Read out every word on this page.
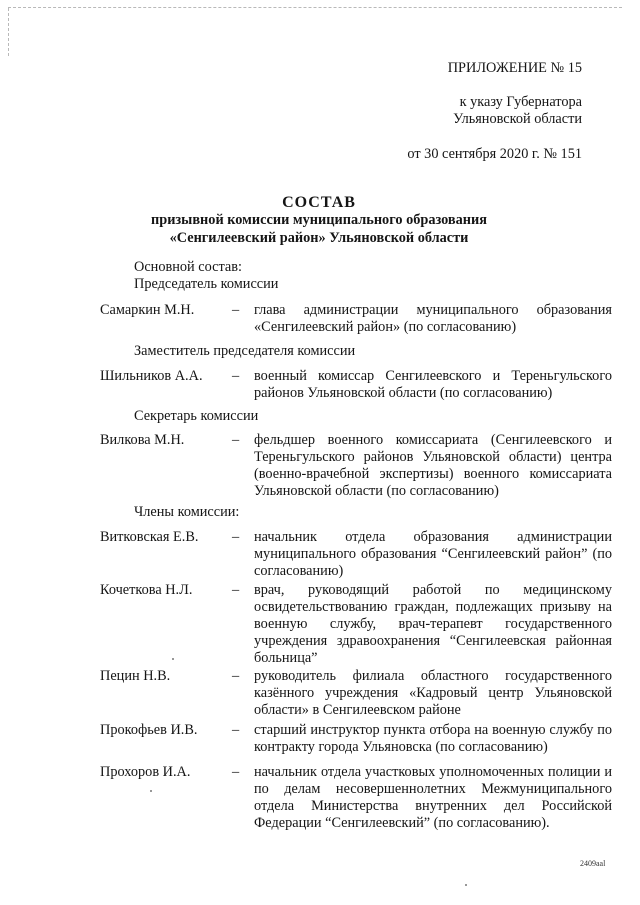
ПРИЛОЖЕНИЕ № 15
к указу Губернатора
Ульяновской области
от 30 сентября 2020 г. № 151
СОСТАВ
призывной комиссии муниципального образования
«Сенгилеевский район» Ульяновской области
Основной состав:
Председатель комиссии
Самаркин М.Н.	– глава администрации муниципального образования «Сенгилеевский район» (по согласованию)
Заместитель председателя комиссии
Шильников А.А. – военный комиссар Сенгилеевского и Тереньгульского районов Ульяновской области (по согласованию)
Секретарь комиссии
Вилкова М.Н.	– фельдшер военного комиссариата (Сенгилеевского и Тереньгульского районов Ульяновской области) центра (военно-врачебной экспертизы) военного комиссариата Ульяновской области (по согласованию)
Члены комиссии:
Витковская Е.В. – начальник отдела образования администрации муниципального образования “Сенгилеевский район” (по согласованию)
Кочеткова Н.Л.	– врач, руководящий работой по медицинскому освидетельствованию граждан, подлежащих призыву на военную службу, врач-терапевт государственного учреждения здравоохранения “Сенгилеевская районная больница”
Пецин Н.В.	– руководитель филиала областного государственного казённого учреждения «Кадровый центр Ульяновской области» в Сенгилеевском районе
Прокофьев И.В. – старший инструктор пункта отбора на военную службу по контракту города Ульяновска (по согласованию)
Прохоров И.А.	– начальник отдела участковых уполномоченных полиции и по делам несовершеннолетних Межмуниципального отдела Министерства внутренних дел Российской Федерации “Сенгилеевский” (по согласованию).
2409ааl
